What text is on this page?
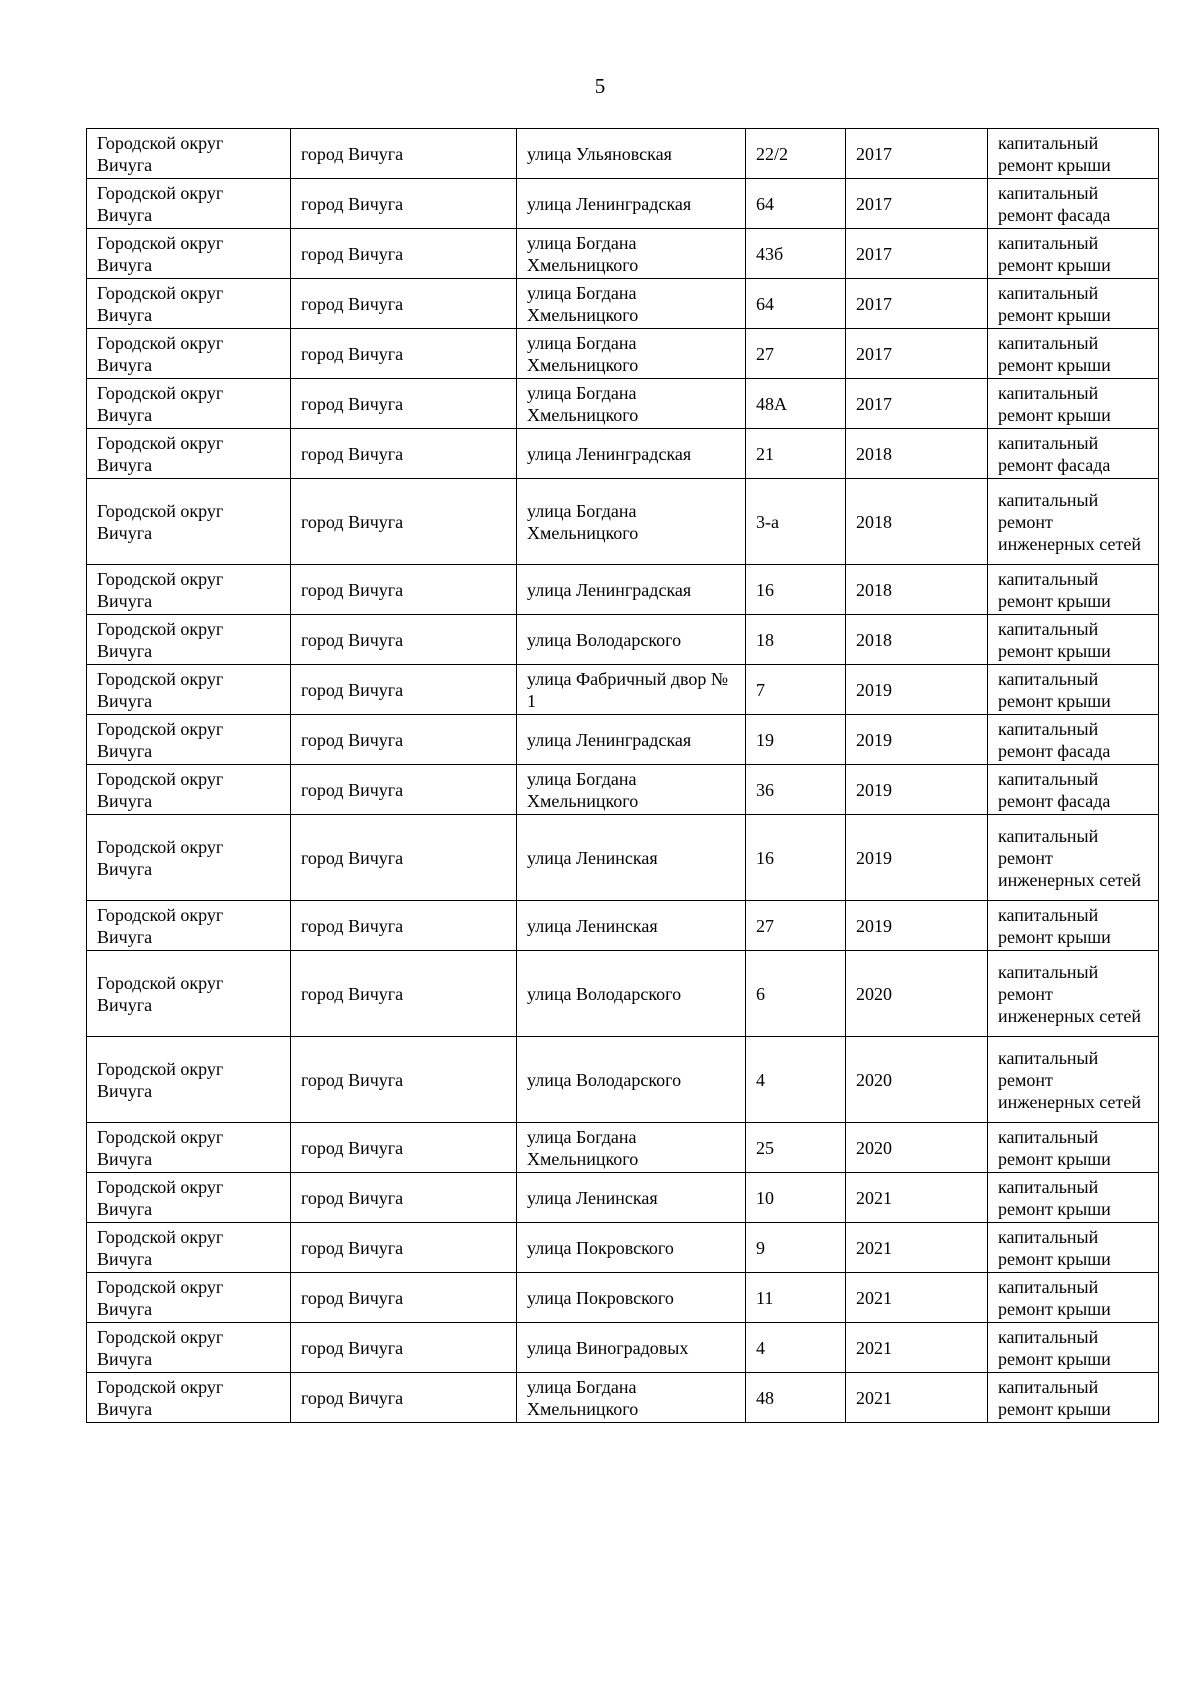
5
Городской округ Вичуга	город Вичуга	улица Ульяновская	22/2	2017	капитальный ремонт крыши
Городской округ Вичуга	город Вичуга	улица Ленинградская	64	2017	капитальный ремонт фасада
Городской округ Вичуга	город Вичуга	улица Богдана Хмельницкого	43б	2017	капитальный ремонт крыши
Городской округ Вичуга	город Вичуга	улица Богдана Хмельницкого	64	2017	капитальный ремонт крыши
Городской округ Вичуга	город Вичуга	улица Богдана Хмельницкого	27	2017	капитальный ремонт крыши
Городской округ Вичуга	город Вичуга	улица Богдана Хмельницкого	48А	2017	капитальный ремонт крыши
Городской округ Вичуга	город Вичуга	улица Ленинградская	21	2018	капитальный ремонт фасада
Городской округ Вичуга	город Вичуга	улица Богдана Хмельницкого	3-а	2018	капитальный ремонт инженерных сетей
Городской округ Вичуга	город Вичуга	улица Ленинградская	16	2018	капитальный ремонт крыши
Городской округ Вичуга	город Вичуга	улица Володарского	18	2018	капитальный ремонт крыши
Городской округ Вичуга	город Вичуга	улица Фабричный двор № 1	7	2019	капитальный ремонт крыши
Городской округ Вичуга	город Вичуга	улица Ленинградская	19	2019	капитальный ремонт фасада
Городской округ Вичуга	город Вичуга	улица Богдана Хмельницкого	36	2019	капитальный ремонт фасада
Городской округ Вичуга	город Вичуга	улица Ленинская	16	2019	капитальный ремонт инженерных сетей
Городской округ Вичуга	город Вичуга	улица Ленинская	27	2019	капитальный ремонт крыши
Городской округ Вичуга	город Вичуга	улица Володарского	6	2020	капитальный ремонт инженерных сетей
Городской округ Вичуга	город Вичуга	улица Володарского	4	2020	капитальный ремонт инженерных сетей
Городской округ Вичуга	город Вичуга	улица Богдана Хмельницкого	25	2020	капитальный ремонт крыши
Городской округ Вичуга	город Вичуга	улица Ленинская	10	2021	капитальный ремонт крыши
Городской округ Вичуга	город Вичуга	улица Покровского	9	2021	капитальный ремонт крыши
Городской округ Вичуга	город Вичуга	улица Покровского	11	2021	капитальный ремонт крыши
Городской округ Вичуга	город Вичуга	улица Виноградовых	4	2021	капитальный ремонт крыши
Городской округ Вичуга	город Вичуга	улица Богдана Хмельницкого	48	2021	капитальный ремонт крыши
